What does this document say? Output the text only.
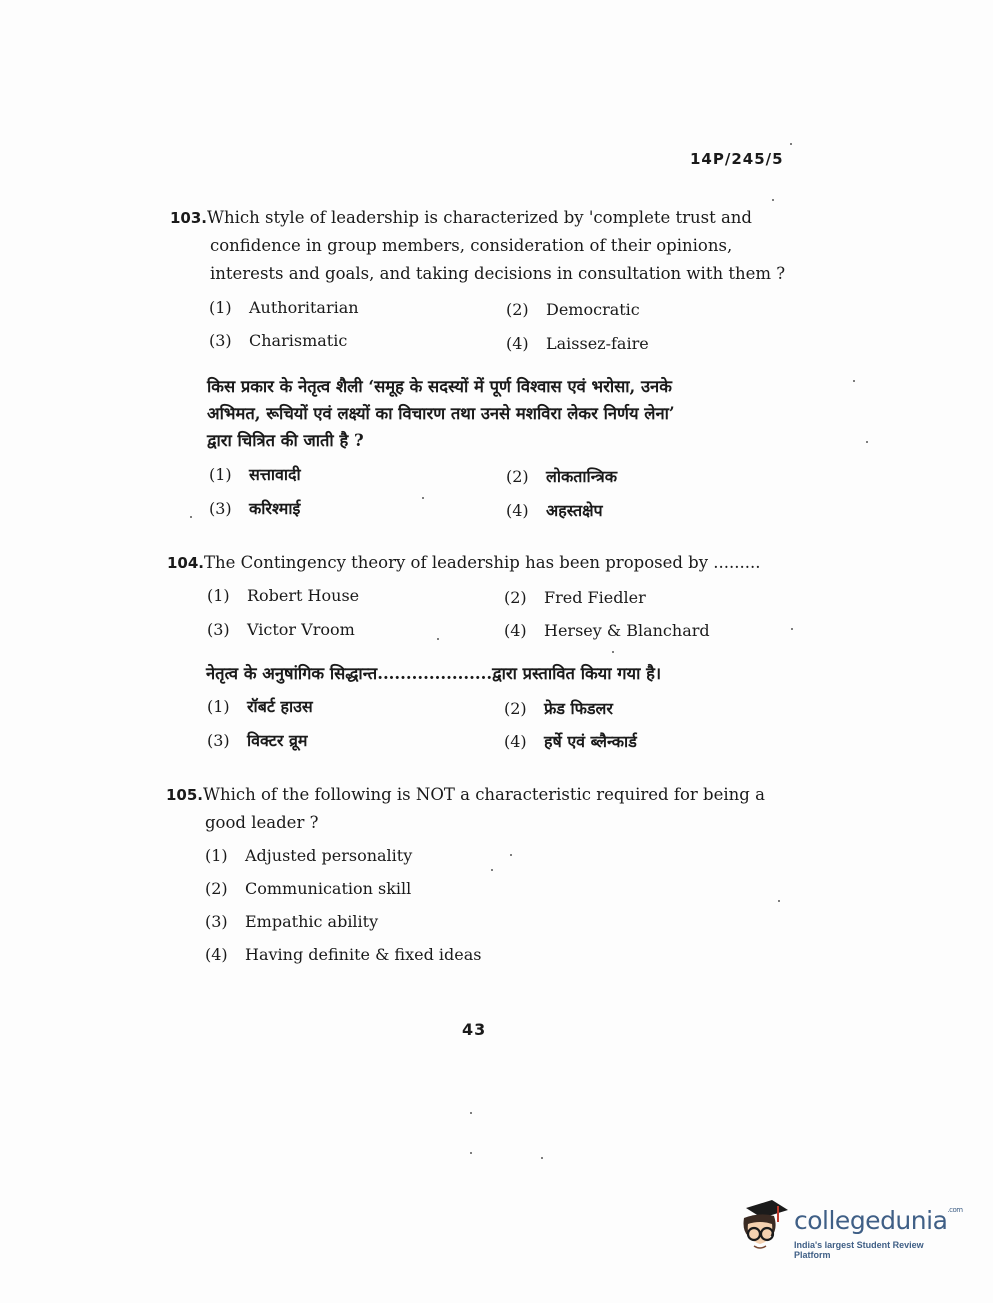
14P/245/5
103.Which style of leadership is characterized by 'complete trust and
confidence in group members, consideration of their opinions,
interests and goals, and taking decisions in consultation with them ?
(1) Authoritarian	(2) Democratic
(3) Charismatic	(4) Laissez-faire
किस प्रकार के नेतृत्व शैली ‘समूह के सदस्यों में पूर्ण विश्वास एवं भरोसा, उनके
अभिमत, रूचियों एवं लक्ष्यों का विचारण तथा उनसे मशविरा लेकर निर्णय लेना’
द्वारा चित्रित की जाती है ?
(1) सत्तावादी	(2) लोकतान्त्रिक
(3) करिश्माई	(4) अहस्तक्षेप
104.The Contingency theory of leadership has been proposed by .........
(1) Robert House	(2) Fred Fiedler
(3) Victor Vroom	(4) Hersey & Blanchard
नेतृत्व के अनुषांगिक सिद्धान्त....................द्वारा प्रस्तावित किया गया है।
(1) रॉबर्ट हाउस	(2) फ्रेड फिडलर
(3) विक्टर व्रूम	(4) हर्षे एवं ब्लैन्कार्ड
105.Which of the following is NOT a characteristic required for being a
good leader ?
(1) Adjusted personality
(2) Communication skill
(3) Empathic ability
(4) Having definite & fixed ideas
43
collegedunia$^{.com}$
India's largest Student Review Platform
